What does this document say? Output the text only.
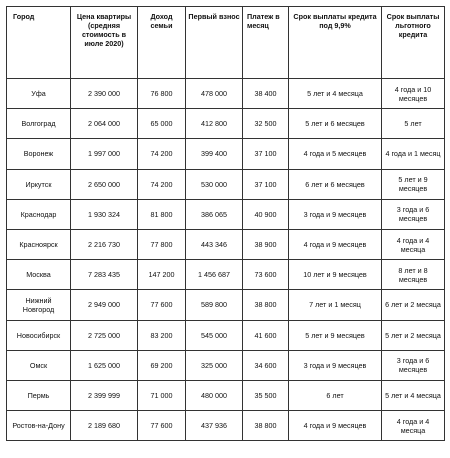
Город	Цена квартиры (средняя стоимость в июле 2020)	Доход семьи	Первый взнос	Платеж в месяц	Срок выплаты кредита под 9,9%	Срок выплаты льготного кредита
Уфа	2 390 000	76 800	478 000	38 400	5 лет и 4 месяца	4 года и 10 месяцев
Волгоград	2 064 000	65 000	412 800	32 500	5 лет и 6 месяцев	5 лет
Воронеж	1 997 000	74 200	399 400	37 100	4 года и 5 месяцев	4 года и 1 месяц
Иркутск	2 650 000	74 200	530 000	37 100	6 лет и 6 месяцев	5 лет и 9 месяцев
Краснодар	1 930 324	81 800	386 065	40 900	3 года и 9 месяцев	3 года и 6 месяцев
Красноярск	2 216 730	77 800	443 346	38 900	4 года и 9 месяцев	4 года и 4 месяца
Москва	7 283 435	147 200	1 456 687	73 600	10 лет и 9 месяцев	8 лет и 8 месяцев
Нижний Новгород	2 949 000	77 600	589 800	38 800	7 лет и 1 месяц	6 лет и 2 месяца
Новосибирск	2 725 000	83 200	545 000	41 600	5 лет и 9 месяцев	5 лет и 2 месяца
Омск	1 625 000	69 200	325 000	34 600	3 года и 9 месяцев	3 года и 6 месяцев
Пермь	2 399 999	71 000	480 000	35 500	6 лет	5 лет и 4 месяца
Ростов-на-Дону	2 189 680	77 600	437 936	38 800	4 года и 9 месяцев	4 года и 4 месяца
